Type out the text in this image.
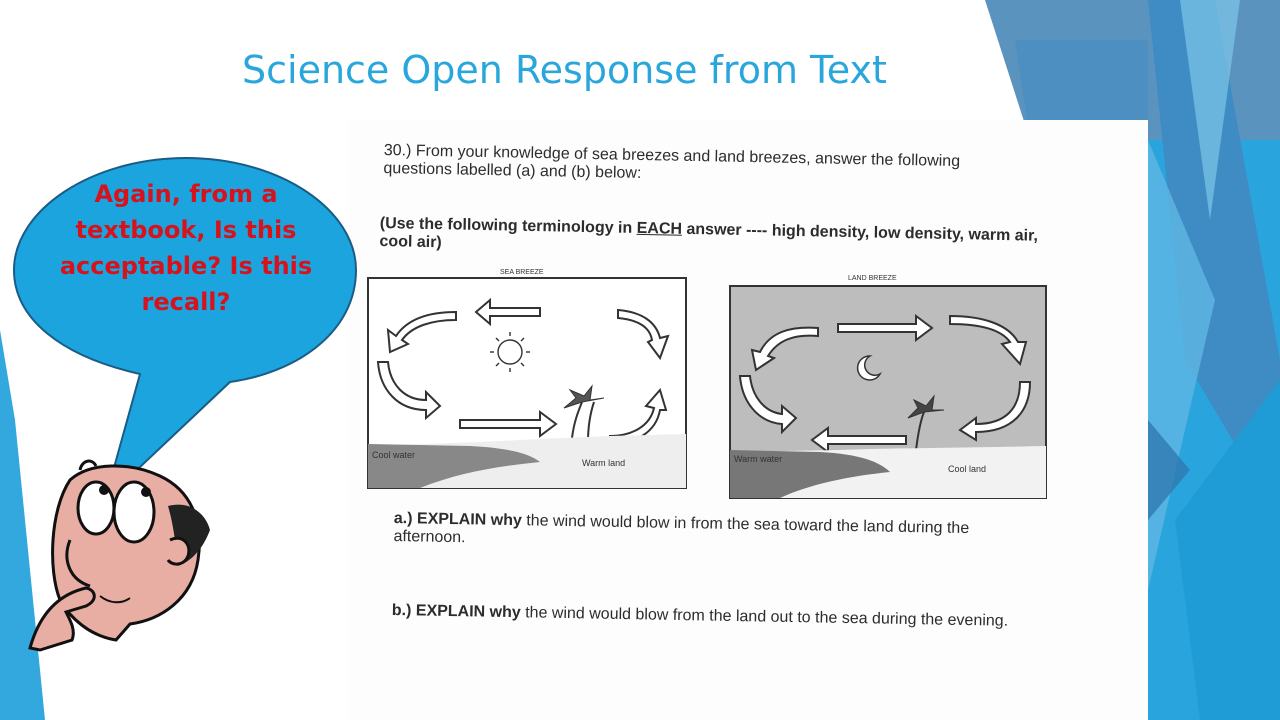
Science Open Response from Text
30.) From your knowledge of sea breezes and land breezes, answer the following questions labelled (a) and (b) below:
(Use the following terminology in EACH answer ---- high density, low density, warm air, cool air)
SEA BREEZE
Cool water
Warm land
LAND BREEZE
Warm water
Cool land
a.) EXPLAIN why the wind would blow in from the sea toward the land during the afternoon.
b.) EXPLAIN why the wind would blow from the land out to the sea during the evening.
Again, from a textbook, Is this acceptable? Is this recall?
